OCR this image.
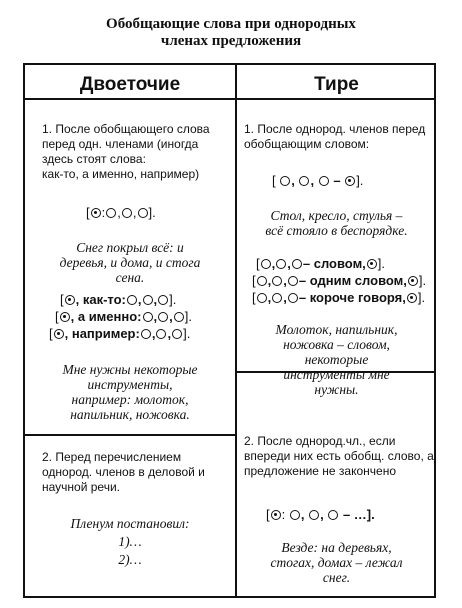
Обобщающие слова при однородных
членах предложения
Двоеточие	Тире
1. После обобщающего слова
перед одн. членами (иногда
здесь стоят слова:
как-то, а именно, например)
[ : , , ].
Снег покрыл всё: и
деревья, и дома, и стога
сена.
[ , как-то: , , ].
[ , а именно: , , ].
[ , например: , , ].
Мне нужны некоторые
инструменты,
например: молоток,
напильник, ножовка.
2. Перед перечислением
однород. членов в деловой и
научной речи.
Пленум постановил:
1)…
2)…
1. После однород. членов перед
обобщающим словом:
[ , ,  – ].
Стол, кресло, стулья –
всё стояло в беспорядке.
[ , , – словом, ].
[ , , – одним словом, ].
[ , , – короче говоря, ].
Молоток, напильник,
ножовка – словом,
некоторые
инструменты мне
нужны.
2. После однород.чл., если
впереди них есть обобщ. слово, а
предложение не закончено
[ : , ,  – …].
Везде: на деревьях,
стогах, домах – лежал
снег.
